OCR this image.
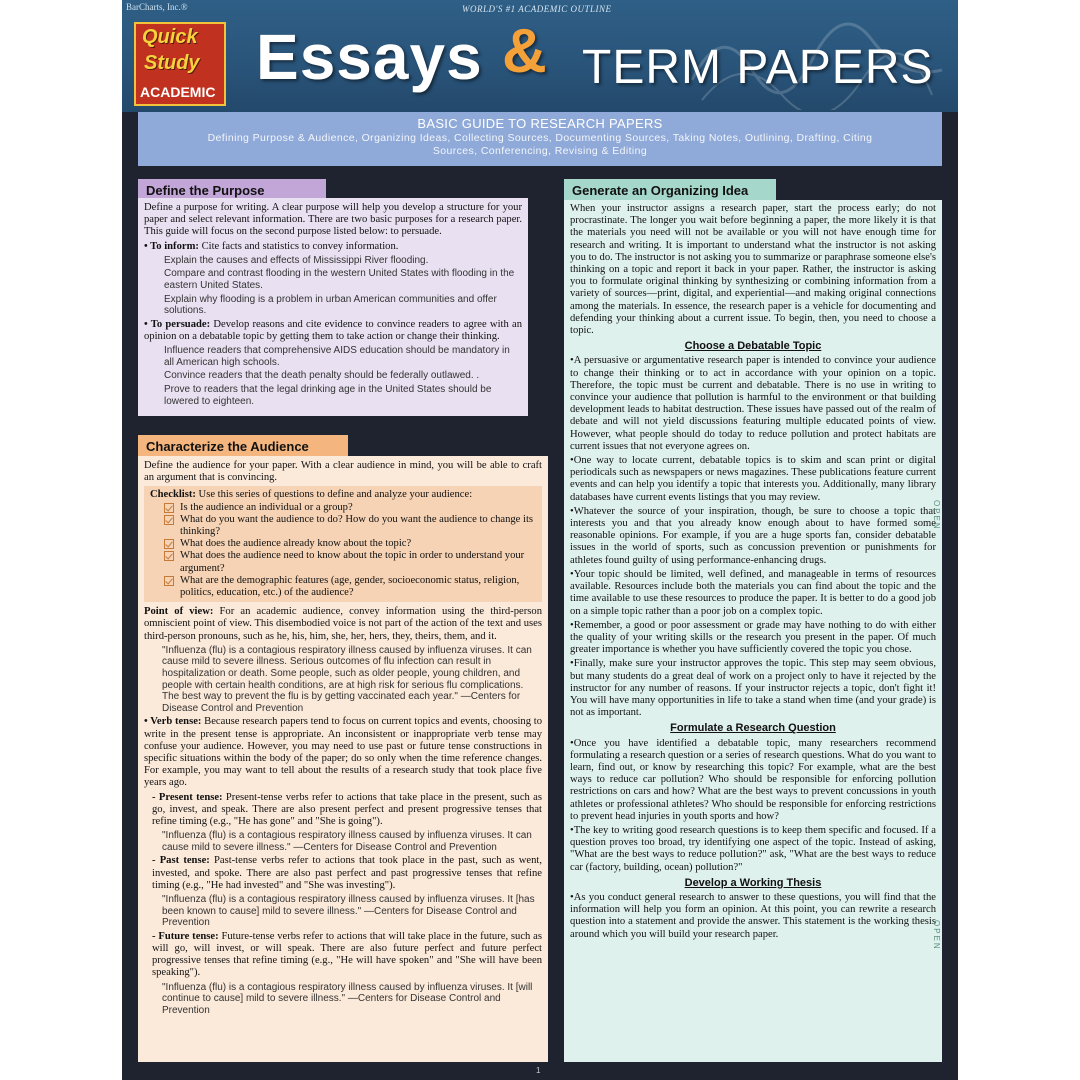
BarCharts, Inc.®	WORLD'S #1 ACADEMIC OUTLINE
Quick
Study
ACADEMIC Essays & TERM PAPERS
BASIC GUIDE TO RESEARCH PAPERS
Defining Purpose & Audience, Organizing Ideas, Collecting Sources, Documenting Sources, Taking Notes, Outlining, Drafting, Citing Sources, Conferencing, Revising & Editing
Define the Purpose
Define a purpose for writing. A clear purpose will help you develop a structure for your paper and select relevant information. There are two basic purposes for a research paper. This guide will focus on the second purpose listed below: to persuade.
• To inform: Cite facts and statistics to convey information.
Explain the causes and effects of Mississippi River flooding.
Compare and contrast flooding in the western United States with flooding in the eastern United States.
Explain why flooding is a problem in urban American communities and offer solutions.
• To persuade: Develop reasons and cite evidence to convince readers to agree with an opinion on a debatable topic by getting them to take action or change their thinking.
Influence readers that comprehensive AIDS education should be mandatory in all American high schools.
Convince readers that the death penalty should be federally outlawed. .
Prove to readers that the legal drinking age in the United States should be lowered to eighteen.
Characterize the Audience
Define the audience for your paper. With a clear audience in mind, you will be able to craft an argument that is convincing.
Checklist: Use this series of questions to define and analyze your audience:
Is the audience an individual or a group?
What do you want the audience to do? How do you want the audience to change its thinking?
What does the audience already know about the topic?
What does the audience need to know about the topic in order to understand your argument?
What are the demographic features (age, gender, socioeconomic status, religion, politics, education, etc.) of the audience?
Point of view: For an academic audience, convey information using the third-person omniscient point of view. This disembodied voice is not part of the action of the text and uses third-person pronouns, such as he, his, him, she, her, hers, they, theirs, them, and it.
"Influenza (flu) is a contagious respiratory illness caused by influenza viruses. It can cause mild to severe illness. Serious outcomes of flu infection can result in hospitalization or death. Some people, such as older people, young children, and people with certain health conditions, are at high risk for serious flu complications. The best way to prevent the flu is by getting vaccinated each year." —Centers for Disease Control and Prevention
• Verb tense: Because research papers tend to focus on current topics and events, choosing to write in the present tense is appropriate. An inconsistent or inappropriate verb tense may confuse your audience. However, you may need to use past or future tense constructions in specific situations within the body of the paper; do so only when the time reference changes. For example, you may want to tell about the results of a research study that took place five years ago.
- Present tense: Present-tense verbs refer to actions that take place in the present, such as go, invest, and speak. There are also present perfect and present progressive tenses that refine timing (e.g., "He has gone" and "She is going").
"Influenza (flu) is a contagious respiratory illness caused by influenza viruses. It can cause mild to severe illness." —Centers for Disease Control and Prevention
- Past tense: Past-tense verbs refer to actions that took place in the past, such as went, invested, and spoke. There are also past perfect and past progressive tenses that refine timing (e.g., "He had invested" and "She was investing").
"Influenza (flu) is a contagious respiratory illness caused by influenza viruses. It [has been known to cause] mild to severe illness." —Centers for Disease Control and Prevention
- Future tense: Future-tense verbs refer to actions that will take place in the future, such as will go, will invest, or will speak. There are also future perfect and future perfect progressive tenses that refine timing (e.g., "He will have spoken" and "She will have been speaking").
"Influenza (flu) is a contagious respiratory illness caused by influenza viruses. It [will continue to cause] mild to severe illness." —Centers for Disease Control and Prevention
Generate an Organizing Idea
When your instructor assigns a research paper, start the process early; do not procrastinate. The longer you wait before beginning a paper, the more likely it is that the materials you need will not be available or you will not have enough time for research and writing. It is important to understand what the instructor is not asking you to do. The instructor is not asking you to summarize or paraphrase someone else's thinking on a topic and report it back in your paper. Rather, the instructor is asking you to formulate original thinking by synthesizing or combining information from a variety of sources—print, digital, and experiential—and making original connections among the materials. In essence, the research paper is a vehicle for documenting and defending your thinking about a current issue. To begin, then, you need to choose a topic.
Choose a Debatable Topic
•A persuasive or argumentative research paper is intended to convince your audience to change their thinking or to act in accordance with your opinion on a topic. Therefore, the topic must be current and debatable. There is no use in writing to convince your audience that pollution is harmful to the environment or that building development leads to habitat destruction. These issues have passed out of the realm of debate and will not yield discussions featuring multiple educated points of view. However, what people should do today to reduce pollution and protect habitats are current issues that not everyone agrees on.
•One way to locate current, debatable topics is to skim and scan print or digital periodicals such as newspapers or news magazines. These publications feature current events and can help you identify a topic that interests you. Additionally, many library databases have current events listings that you may review.
•Whatever the source of your inspiration, though, be sure to choose a topic that interests you and that you already know enough about to have formed some reasonable opinions. For example, if you are a huge sports fan, consider debatable issues in the world of sports, such as concussion prevention or punishments for athletes found guilty of using performance-enhancing drugs.
•Your topic should be limited, well defined, and manageable in terms of resources available. Resources include both the materials you can find about the topic and the time available to use these resources to produce the paper. It is better to do a good job on a simple topic rather than a poor job on a complex topic.
•Remember, a good or poor assessment or grade may have nothing to do with either the quality of your writing skills or the research you present in the paper. Of much greater importance is whether you have sufficiently covered the topic you chose.
•Finally, make sure your instructor approves the topic. This step may seem obvious, but many students do a great deal of work on a project only to have it rejected by the instructor for any number of reasons. If your instructor rejects a topic, don't fight it! You will have many opportunities in life to take a stand when time (and your grade) is not as important.
Formulate a Research Question
•Once you have identified a debatable topic, many researchers recommend formulating a research question or a series of research questions. What do you want to learn, find out, or know by researching this topic? For example, what are the best ways to reduce car pollution? Who should be responsible for enforcing pollution restrictions on cars and how? What are the best ways to prevent concussions in youth athletes or professional athletes? Who should be responsible for enforcing restrictions to prevent head injuries in youth sports and how?
•The key to writing good research questions is to keep them specific and focused. If a question proves too broad, try identifying one aspect of the topic. Instead of asking, "What are the best ways to reduce pollution?" ask, "What are the best ways to reduce car (factory, building, ocean) pollution?"
Develop a Working Thesis
•As you conduct general research to answer to these questions, you will find that the information will help you form an opinion. At this point, you can rewrite a research question into a statement and provide the answer. This statement is the working thesis around which you will build your research paper.
OPEN
OPEN
1
